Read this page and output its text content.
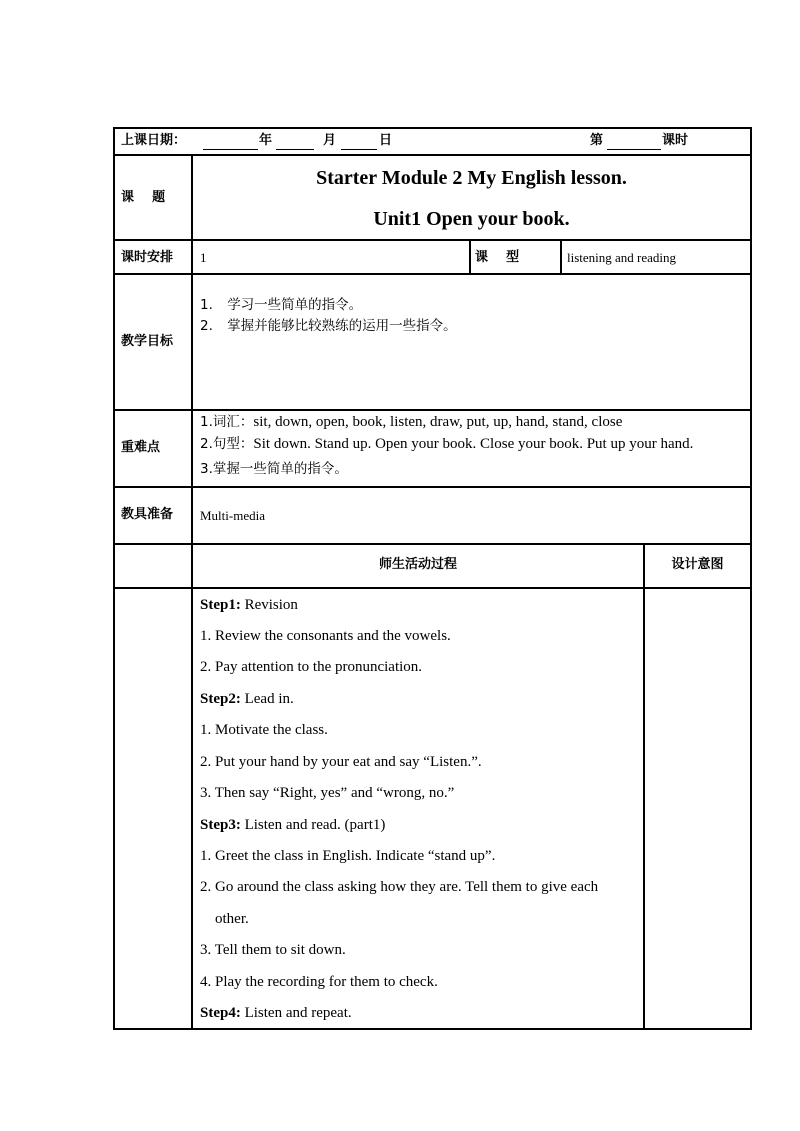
上课日期：	年	月	日	第	课时
课    题
Starter Module 2 My English lesson.
Unit1 Open your book.
课时安排 1	课    型	listening and reading
教学目标
1. 学习一些简单的指令。
2. 掌握并能够比较熟练的运用一些指令。
重难点
1.词汇：sit, down, open, book, listen, draw, put, up, hand, stand, close
2.句型：Sit down. Stand up. Open your book. Close your book. Put up your hand.
3.掌握一些简单的指令。
教具准备 Multi-media
师生活动过程	设计意图
Step1: Revision
1. Review the consonants and the vowels.
2. Pay attention to the pronunciation.
Step2: Lead in.
1. Motivate the class.
2. Put your hand by your eat and say “Listen.”.
3. Then say “Right, yes” and “wrong, no.”
Step3: Listen and read. (part1)
1. Greet the class in English. Indicate “stand up”.
2. Go around the class asking how they are. Tell them to give each
other.
3. Tell them to sit down.
4. Play the recording for them to check.
Step4: Listen and repeat.
